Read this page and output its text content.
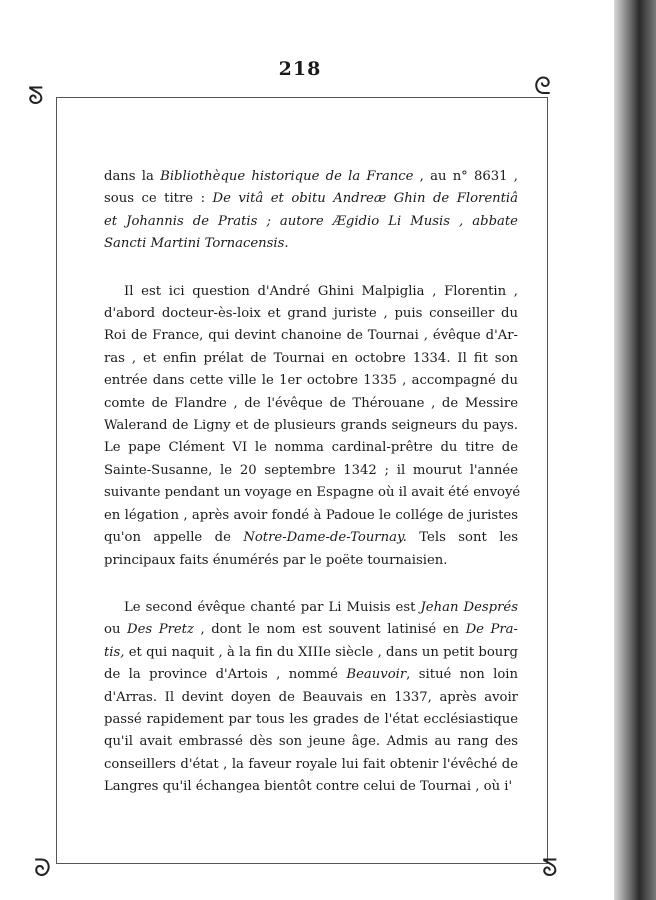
218
ᘕ	ᘓ
ᘐ	ᘕ
dans la Bibliothèque historique de la France , au n° 8631 ,
sous ce titre : De vitâ et obitu Andreæ Ghin de Florentiâ
et Johannis de Pratis ; autore Ægidio Li Musis , abbate
Sancti Martini Tornacensis.
Il est ici question d'André Ghini Malpiglia , Florentin ,
d'abord docteur-ès-loix et grand juriste , puis conseiller du
Roi de France, qui devint chanoine de Tournai , évêque d'Ar-
ras , et enfin prélat de Tournai en octobre 1334. Il fit son
entrée dans cette ville le 1er octobre 1335 , accompagné du
comte de Flandre , de l'évêque de Thérouane , de Messire
Walerand de Ligny et de plusieurs grands seigneurs du pays.
Le pape Clément VI le nomma cardinal-prêtre du titre de
Sainte-Susanne, le 20 septembre 1342 ; il mourut l'année
suivante pendant un voyage en Espagne où il avait été envoyé
en légation , après avoir fondé à Padoue le collége de juristes
qu'on appelle de Notre-Dame-de-Tournay. Tels sont les
principaux faits énumérés par le poëte tournaisien.
Le second évêque chanté par Li Muisis est Jehan Després
ou Des Pretz , dont le nom est souvent latinisé en De Pra-
tis, et qui naquit , à la fin du XIIIe siècle , dans un petit bourg
de la province d'Artois , nommé Beauvoir, situé non loin
d'Arras. Il devint doyen de Beauvais en 1337, après avoir
passé rapidement par tous les grades de l'état ecclésiastique
qu'il avait embrassé dès son jeune âge. Admis au rang des
conseillers d'état , la faveur royale lui fait obtenir l'évêché de
Langres qu'il échangea bientôt contre celui de Tournai , où i'
